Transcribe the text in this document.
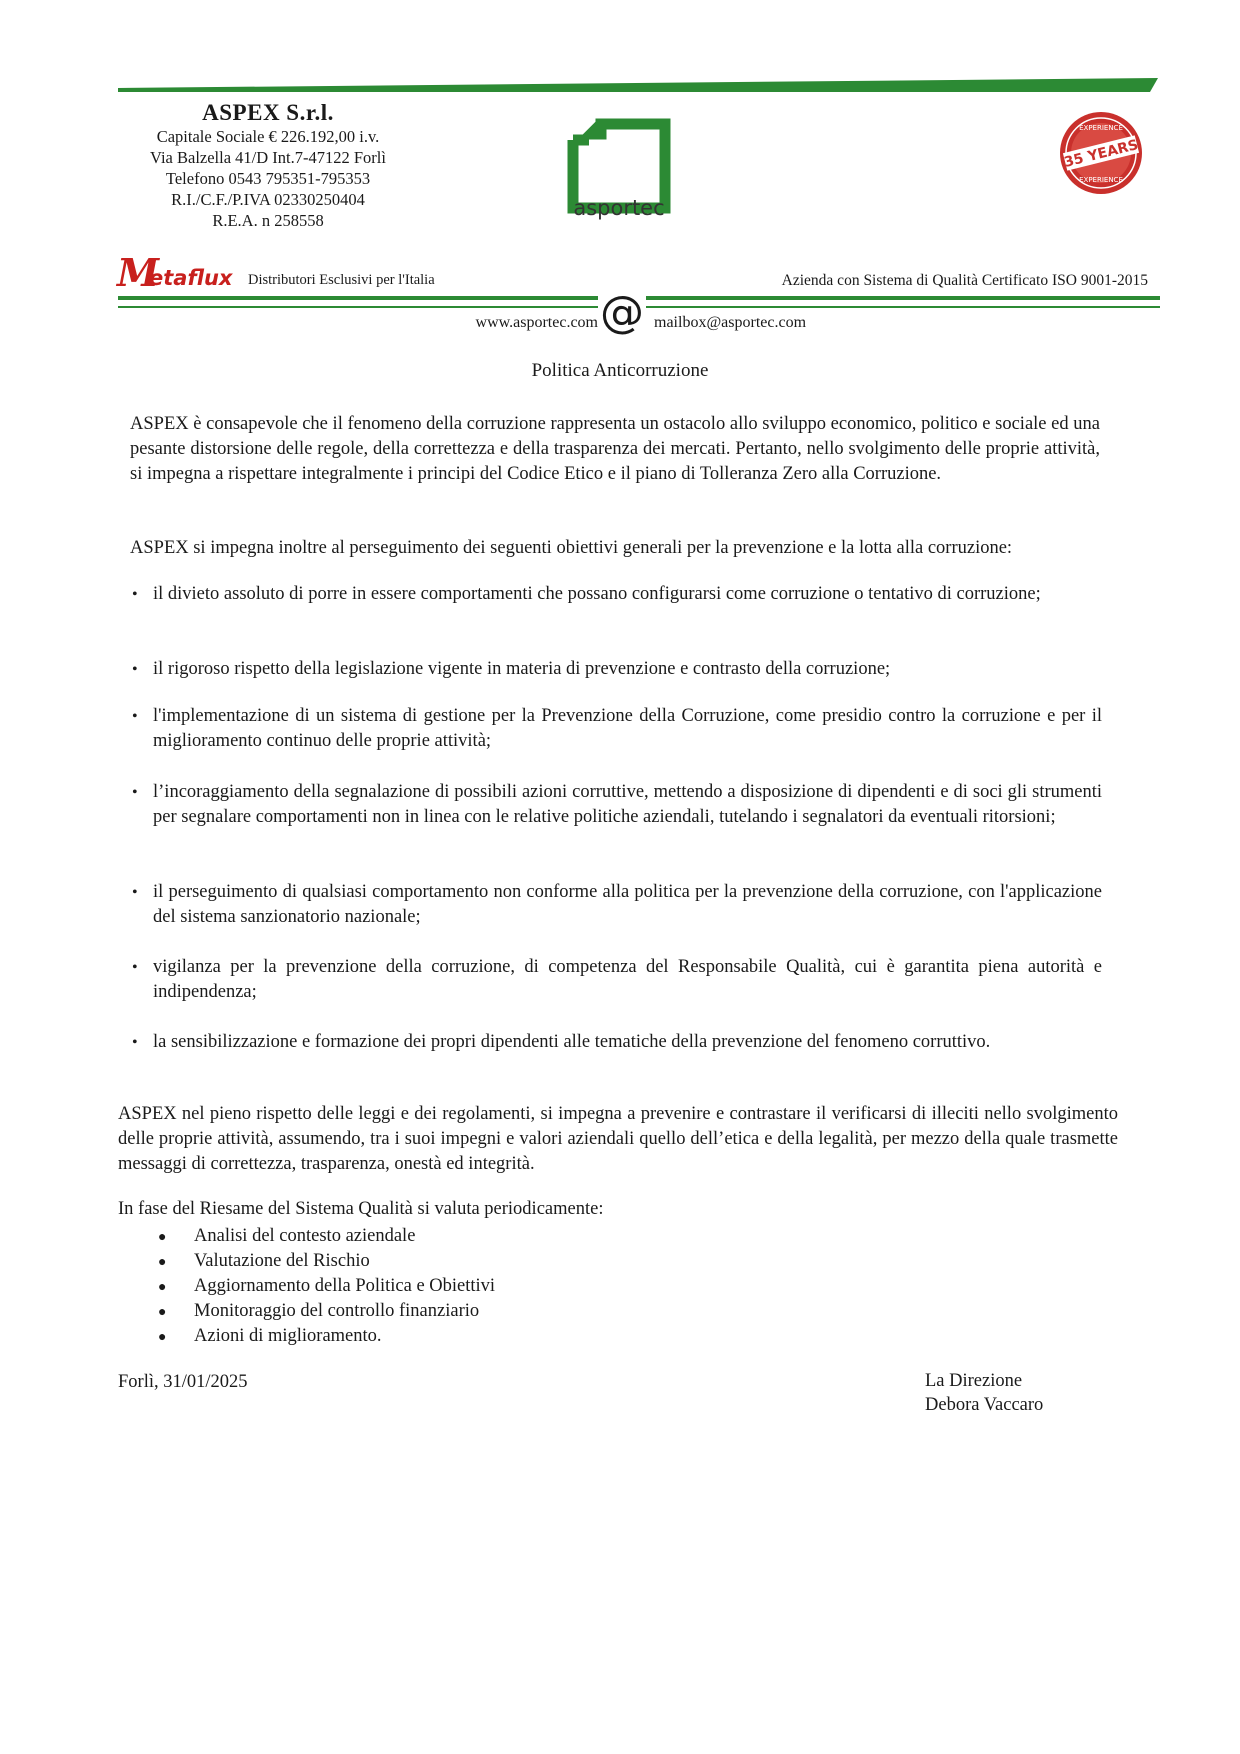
ASPEX S.r.l.
Capitale Sociale € 226.192,00 i.v.
Via Balzella 41/D Int.7-47122 Forlì
Telefono 0543 795351-795353
R.I./C.F./P.IVA 02330250404
R.E.A. n 258558
asportec
35 YEARS
EXPERIENCE
EXPERIENCE
M
etaflux Distributori Esclusivi per l'Italia	Azienda con Sistema di Qualità Certificato ISO 9001-2015
www.asportec.com @ mailbox@asportec.com
Politica Anticorruzione

ASPEX è consapevole che il fenomeno della corruzione rappresenta un ostacolo allo sviluppo economico, politico e sociale ed una pesante distorsione delle regole, della correttezza e della trasparenza dei mercati. Pertanto, nello svolgimento delle proprie attività, si impegna a rispettare integralmente i principi del Codice Etico e il piano di Tolleranza Zero alla Corruzione.

ASPEX si impegna inoltre al perseguimento dei seguenti obiettivi generali per la prevenzione e la lotta alla corruzione:

• il divieto assoluto di porre in essere comportamenti che possano configurarsi come corruzione o tentativo di corruzione;
• il rigoroso rispetto della legislazione vigente in materia di prevenzione e contrasto della corruzione;
• l'implementazione di un sistema di gestione per la Prevenzione della Corruzione, come presidio contro la corruzione e per il miglioramento continuo delle proprie attività;
• l’incoraggiamento della segnalazione di possibili azioni corruttive, mettendo a disposizione di dipendenti e di soci gli strumenti per segnalare comportamenti non in linea con le relative politiche aziendali, tutelando i segnalatori da eventuali ritorsioni;
• il perseguimento di qualsiasi comportamento non conforme alla politica per la prevenzione della corruzione, con l'applicazione del sistema sanzionatorio nazionale;
• vigilanza per la prevenzione della corruzione, di competenza del Responsabile Qualità, cui è garantita piena autorità e indipendenza;
• la sensibilizzazione e formazione dei propri dipendenti alle tematiche della prevenzione del fenomeno corruttivo.

ASPEX nel pieno rispetto delle leggi e dei regolamenti, si impegna a prevenire e contrastare il verificarsi di illeciti nello svolgimento delle proprie attività, assumendo, tra i suoi impegni e valori aziendali quello dell’etica e della legalità, per mezzo della quale trasmette messaggi di correttezza, trasparenza, onestà ed integrità.

In fase del Riesame del Sistema Qualità si valuta periodicamente:

● Analisi del contesto aziendale
● Valutazione del Rischio
● Aggiornamento della Politica e Obiettivi
● Monitoraggio del controllo finanziario
● Azioni di miglioramento.
Forlì, 31/01/2025	La Direzione
Debora Vaccaro
